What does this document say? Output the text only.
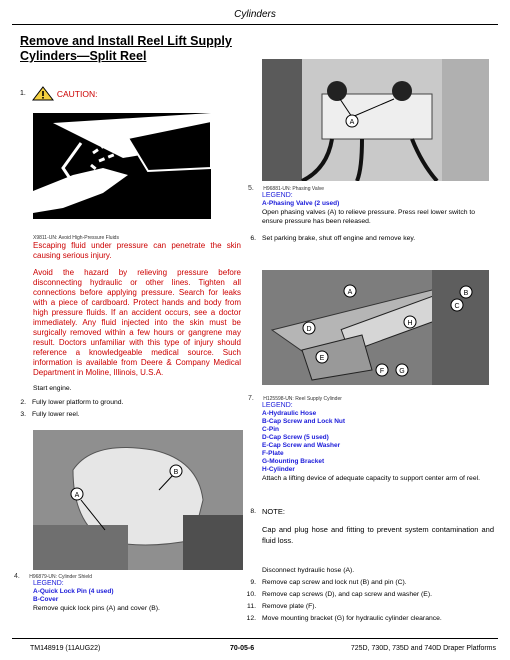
Cylinders
Remove and Install Reel Lift Supply
Cylinders—Split Reel
1.	CAUTION:
X9811-UN: Avoid High-Pressure Fluids
Escaping fluid under pressure can penetrate the skin causing serious injury.
Avoid the hazard by relieving pressure before disconnecting hydraulic or other lines. Tighten all connections before applying pressure. Search for leaks with a piece of cardboard. Protect hands and body from high pressure fluids. If an accident occurs, see a doctor immediately. Any fluid injected into the skin must be surgically removed within a few hours or gangrene may result. Doctors unfamiliar with this type of injury should reference a knowledgeable medical source. Such information is available from Deere & Company Medical Department in Moline, Illinois, U.S.A.
Start engine.
2. Fully lower platform to ground.
3. Fully lower reel.
A
B
4. H96879-UN: Cylinder Shield
LEGEND:
A-Quick Lock Pin (4 used)
B-Cover
Remove quick lock pins (A) and cover (B).
A
5. H96881-UN: Phasing Valve
LEGEND:
A-Phasing Valve (2 used)
Open phasing valves (A) to relieve pressure. Press reel lower switch to ensure pressure has been released.
6. Set parking brake, shut off engine and remove key.
A	B
C
D
E
F G
H
7. H125598-UN: Reel Supply Cylinder
LEGEND:
A-Hydraulic Hose
B-Cap Screw and Lock Nut
C-Pin
D-Cap Screw (5 used)
E-Cap Screw and Washer
F-Plate
G-Mounting Bracket
H-Cylinder
Attach a lifting device of adequate capacity to support center arm of reel.
8. NOTE:
Cap and plug hose and fitting to prevent system contamination and fluid loss.
Disconnect hydraulic hose (A).
9. Remove cap screw and lock nut (B) and pin (C).
10. Remove cap screws (D), and cap screw and washer (E).
11. Remove plate (F).
12. Move mounting bracket (G) for hydraulic cylinder clearance.
TM148919 (11AUG22)	70-05-6	725D, 730D, 735D and 740D Draper Platforms
